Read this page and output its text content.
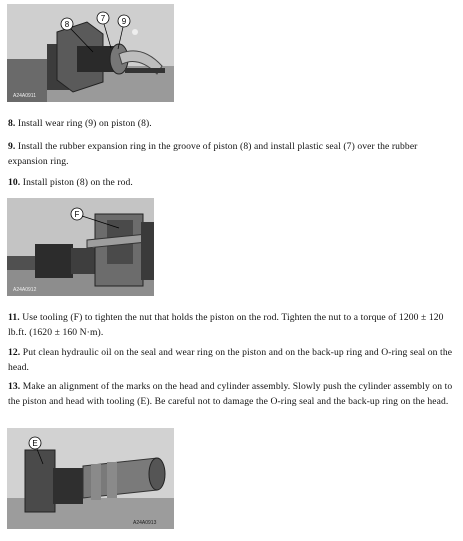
8
7 9
A24A0911

8. Install wear ring (9) on piston (8).

9. Install the rubber expansion ring in the groove of piston (8) and install plastic seal (7) over the rubber expansion ring.

10. Install piston (8) on the rod.

F
A24A0912

11. Use tooling (F) to tighten the nut that holds the piston on the rod. Tighten the nut to a torque of 1200 ± 120 lb.ft. (1620 ± 160 N·m).

12. Put clean hydraulic oil on the seal and wear ring on the piston and on the back-up ring and O-ring seal on the head.

13. Make an alignment of the marks on the head and cylinder assembly. Slowly push the cylinder assembly on to the piston and head with tooling (E). Be careful not to damage the O-ring seal and the back-up ring on the head.

E
A24A0913
